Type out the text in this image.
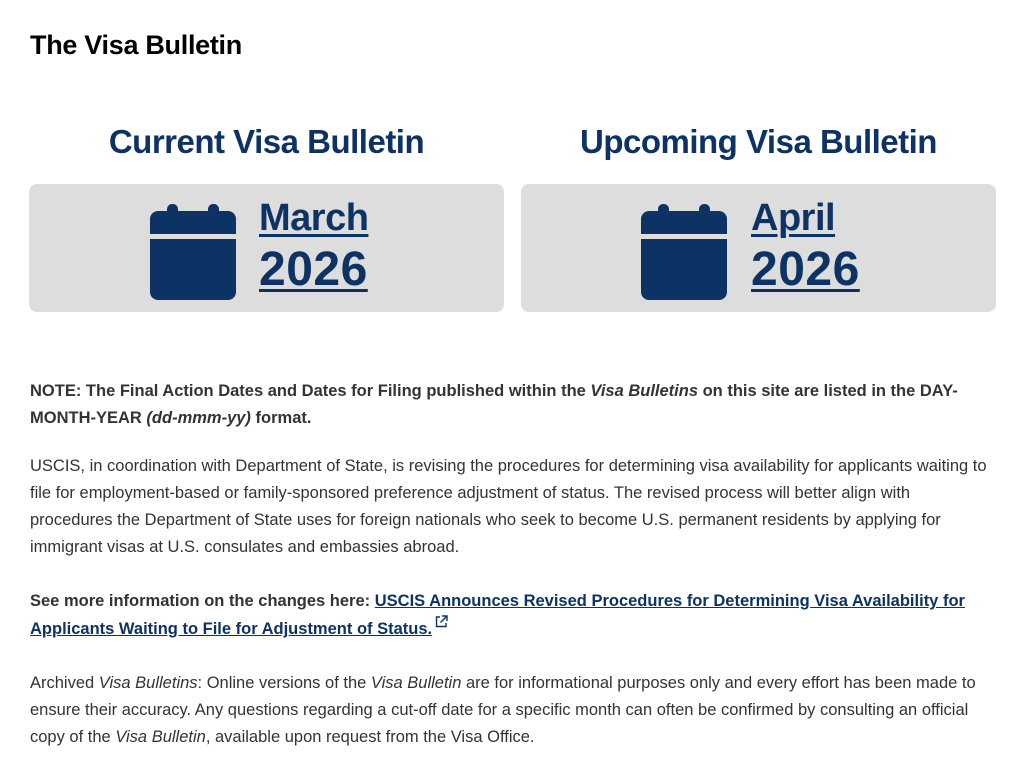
The Visa Bulletin
Current Visa Bulletin
March
2026
Upcoming Visa Bulletin
April
2026

NOTE: The Final Action Dates and Dates for Filing published within the Visa Bulletins on this site are listed in the DAY-MONTH-YEAR (dd-mmm-yy) format.

USCIS, in coordination with Department of State, is revising the procedures for determining visa availability for applicants waiting to file for employment-based or family-sponsored preference adjustment of status. The revised process will better align with procedures the Department of State uses for foreign nationals who seek to become U.S. permanent residents by applying for immigrant visas at U.S. consulates and embassies abroad.

See more information on the changes here: USCIS Announces Revised Procedures for Determining Visa Availability for Applicants Waiting to File for Adjustment of Status.

Archived Visa Bulletins: Online versions of the Visa Bulletin are for informational purposes only and every effort has been made to ensure their accuracy. Any questions regarding a cut-off date for a specific month can often be confirmed by consulting an official copy of the Visa Bulletin, available upon request from the Visa Office.
